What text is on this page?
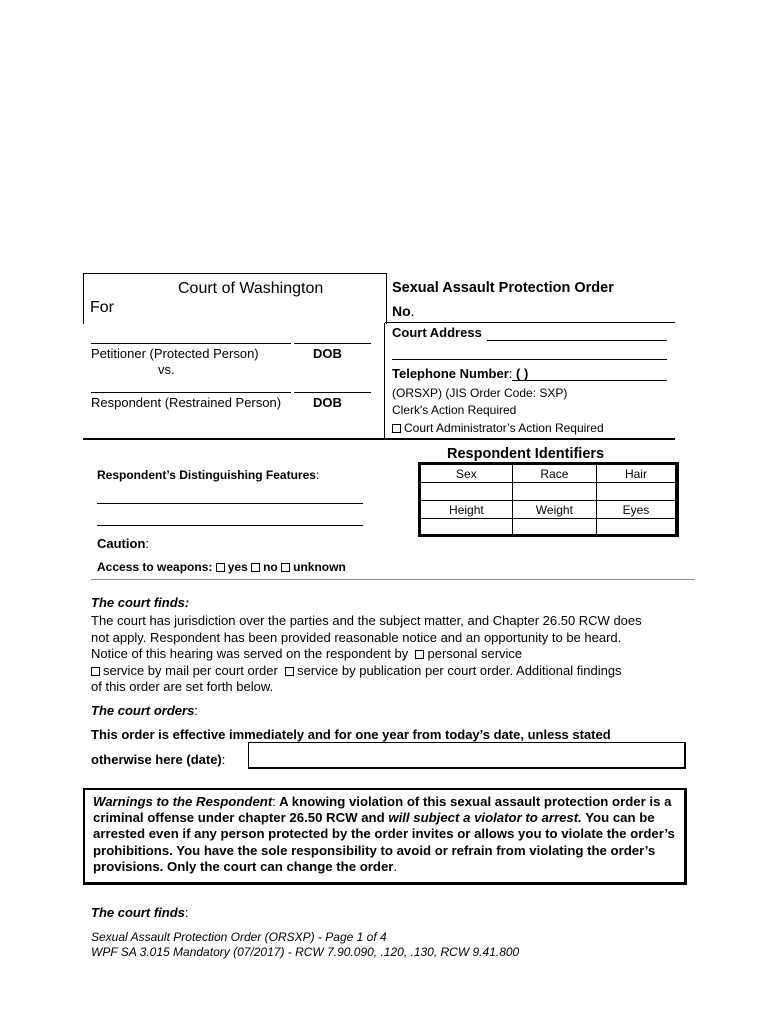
Court of Washington
For
Petitioner (Protected Person)	DOB
vs.
Respondent (Restrained Person) DOB
Sexual Assault Protection Order
No.
Court Address
Telephone Number: ( )
(ORSXP) (JIS Order Code: SXP)
Clerk's Action Required
Court Administrator’s Action Required
Respondent Identifiers
Sex	Race	Hair

Height	Weight	Eyes

Respondent’s Distinguishing Features:
Caution:
Access to weapons: yes no unknown
The court finds:
The court has jurisdiction over the parties and the subject matter, and Chapter 26.50 RCW does
not apply. Respondent has been provided reasonable notice and an opportunity to be heard.
Notice of this hearing was served on the respondent by personal service
service by mail per court order service by publication per court order. Additional findings
of this order are set forth below.
The court orders:
This order is effective immediately and for one year from today’s date, unless stated
otherwise here (date):
Warnings to the Respondent: A knowing violation of this sexual assault protection order is a criminal offense under chapter 26.50 RCW and will subject a violator to arrest. You can be arrested even if any person protected by the order invites or allows you to violate the order’s prohibitions. You have the sole responsibility to avoid or refrain from violating the order’s provisions. Only the court can change the order.
The court finds:
Sexual Assault Protection Order (ORSXP) - Page 1 of 4
WPF SA 3.015 Mandatory (07/2017) - RCW 7.90.090, .120, .130, RCW 9.41.800
